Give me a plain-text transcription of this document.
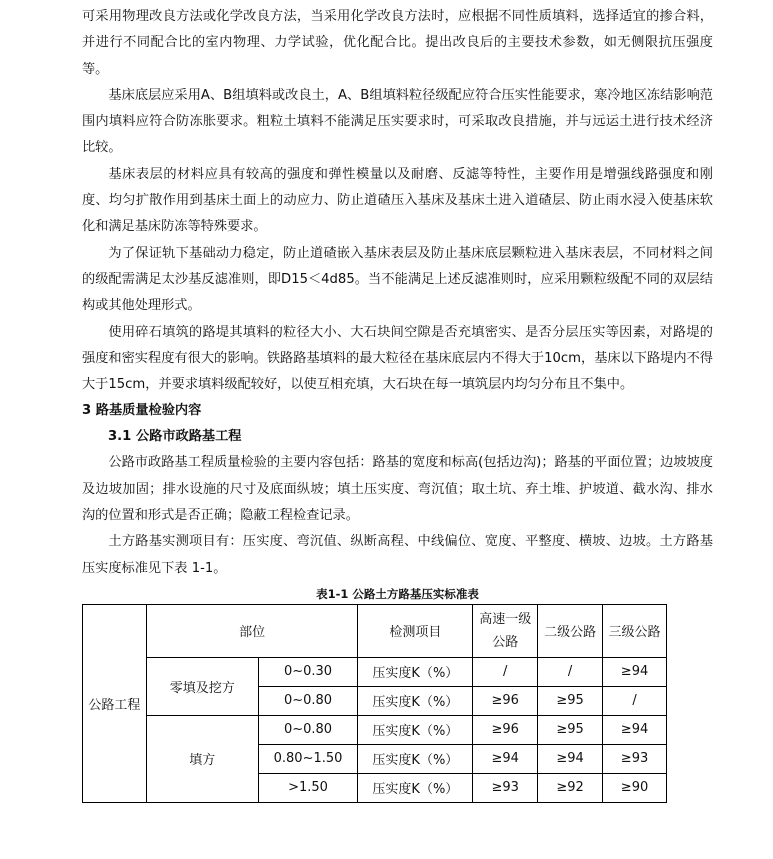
可采用物理改良方法或化学改良方法，当采用化学改良方法时，应根据不同性质填料，选择适宜的掺合料，并进行不同配合比的室内物理、力学试验，优化配合比。提出改良后的主要技术参数，如无侧限抗压强度等。

基床底层应采用A、B组填料或改良土，A、B组填料粒径级配应符合压实性能要求，寒冷地区冻结影响范围内填料应符合防冻胀要求。粗粒土填料不能满足压实要求时，可采取改良措施，并与远运土进行技术经济比较。

基床表层的材料应具有较高的强度和弹性模量以及耐磨、反滤等特性，主要作用是增强线路强度和刚度、均匀扩散作用到基床土面上的动应力、防止道碴压入基床及基床土进入道碴层、防止雨水浸入使基床软化和满足基床防冻等特殊要求。

为了保证轨下基础动力稳定，防止道碴嵌入基床表层及防止基床底层颗粒进入基床表层，不同材料之间的级配需满足太沙基反滤准则，即D15＜4d85。当不能满足上述反滤准则时，应采用颗粒级配不同的双层结构或其他处理形式。

使用碎石填筑的路堤其填料的粒径大小、大石块间空隙是否充填密实、是否分层压实等因素，对路堤的强度和密实程度有很大的影响。铁路路基填料的最大粒径在基床底层内不得大于10cm，基床以下路堤内不得大于15cm，并要求填料级配较好，以使互相充填，大石块在每一填筑层内均匀分布且不集中。

3 路基质量检验内容

3.1 公路市政路基工程

公路市政路基工程质量检验的主要内容包括：路基的宽度和标高(包括边沟)；路基的平面位置；边坡坡度及边坡加固；排水设施的尺寸及底面纵坡；填土压实度、弯沉值；取土坑、弃土堆、护坡道、截水沟、排水沟的位置和形式是否正确；隐蔽工程检查记录。

土方路基实测项目有：压实度、弯沉值、纵断高程、中线偏位、宽度、平整度、横坡、边坡。土方路基压实度标准见下表 1-1。

表1-1 公路土方路基压实标准表
公路工程	部位		检测项目	高速一级公路	二级公路	三级公路
	零填及挖方	0~0.30	压实度K（%）	/	/	≥94
		0~0.80	压实度K（%）	≥96	≥95	/
	填方	0~0.80	压实度K（%）	≥96	≥95	≥94
		0.80~1.50	压实度K（%）	≥94	≥94	≥93
		>1.50	压实度K（%）	≥93	≥92	≥90
